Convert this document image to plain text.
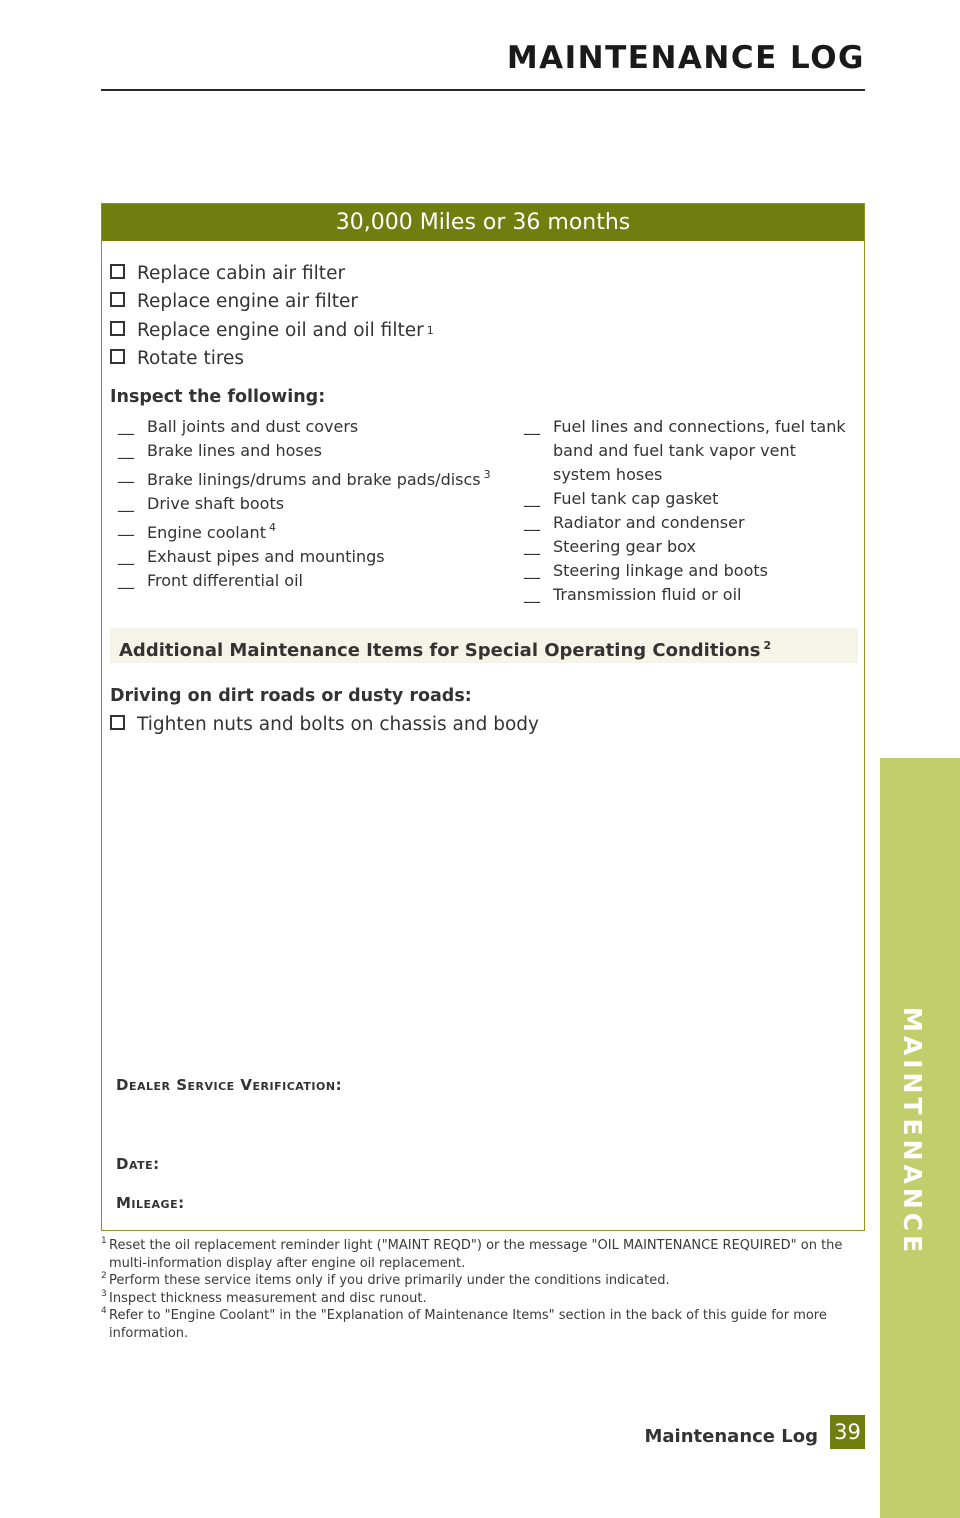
MAINTENANCE LOG
30,000 Miles or 36 months
Replace cabin air filter
Replace engine air filter
Replace engine oil and oil filter 1
Rotate tires
Inspect the following:
__ Ball joints and dust covers
__ Brake lines and hoses
__ Brake linings/drums and brake pads/discs $^3$
__ Drive shaft boots
__ Engine coolant $^4$
__ Exhaust pipes and mountings
__ Front differential oil
__ Fuel lines and connections, fuel tank band and fuel tank vapor vent system hoses
__ Fuel tank cap gasket
__ Radiator and condenser
__ Steering gear box
__ Steering linkage and boots
__ Transmission fluid or oil
Additional Maintenance Items for Special Operating Conditions $^2$
Driving on dirt roads or dusty roads:
Tighten nuts and bolts on chassis and body
Dealer Service Verification:
Date:
Mileage:
1 Reset the oil replacement reminder light ("MAINT REQD") or the message "OIL MAINTENANCE REQUIRED" on the multi-information display after engine oil replacement.
2 Perform these service items only if you drive primarily under the conditions indicated.
3 Inspect thickness measurement and disc runout.
4 Refer to "Engine Coolant" in the "Explanation of Maintenance Items" section in the back of this guide for more information.
MAINTENANCE
Maintenance Log 39
